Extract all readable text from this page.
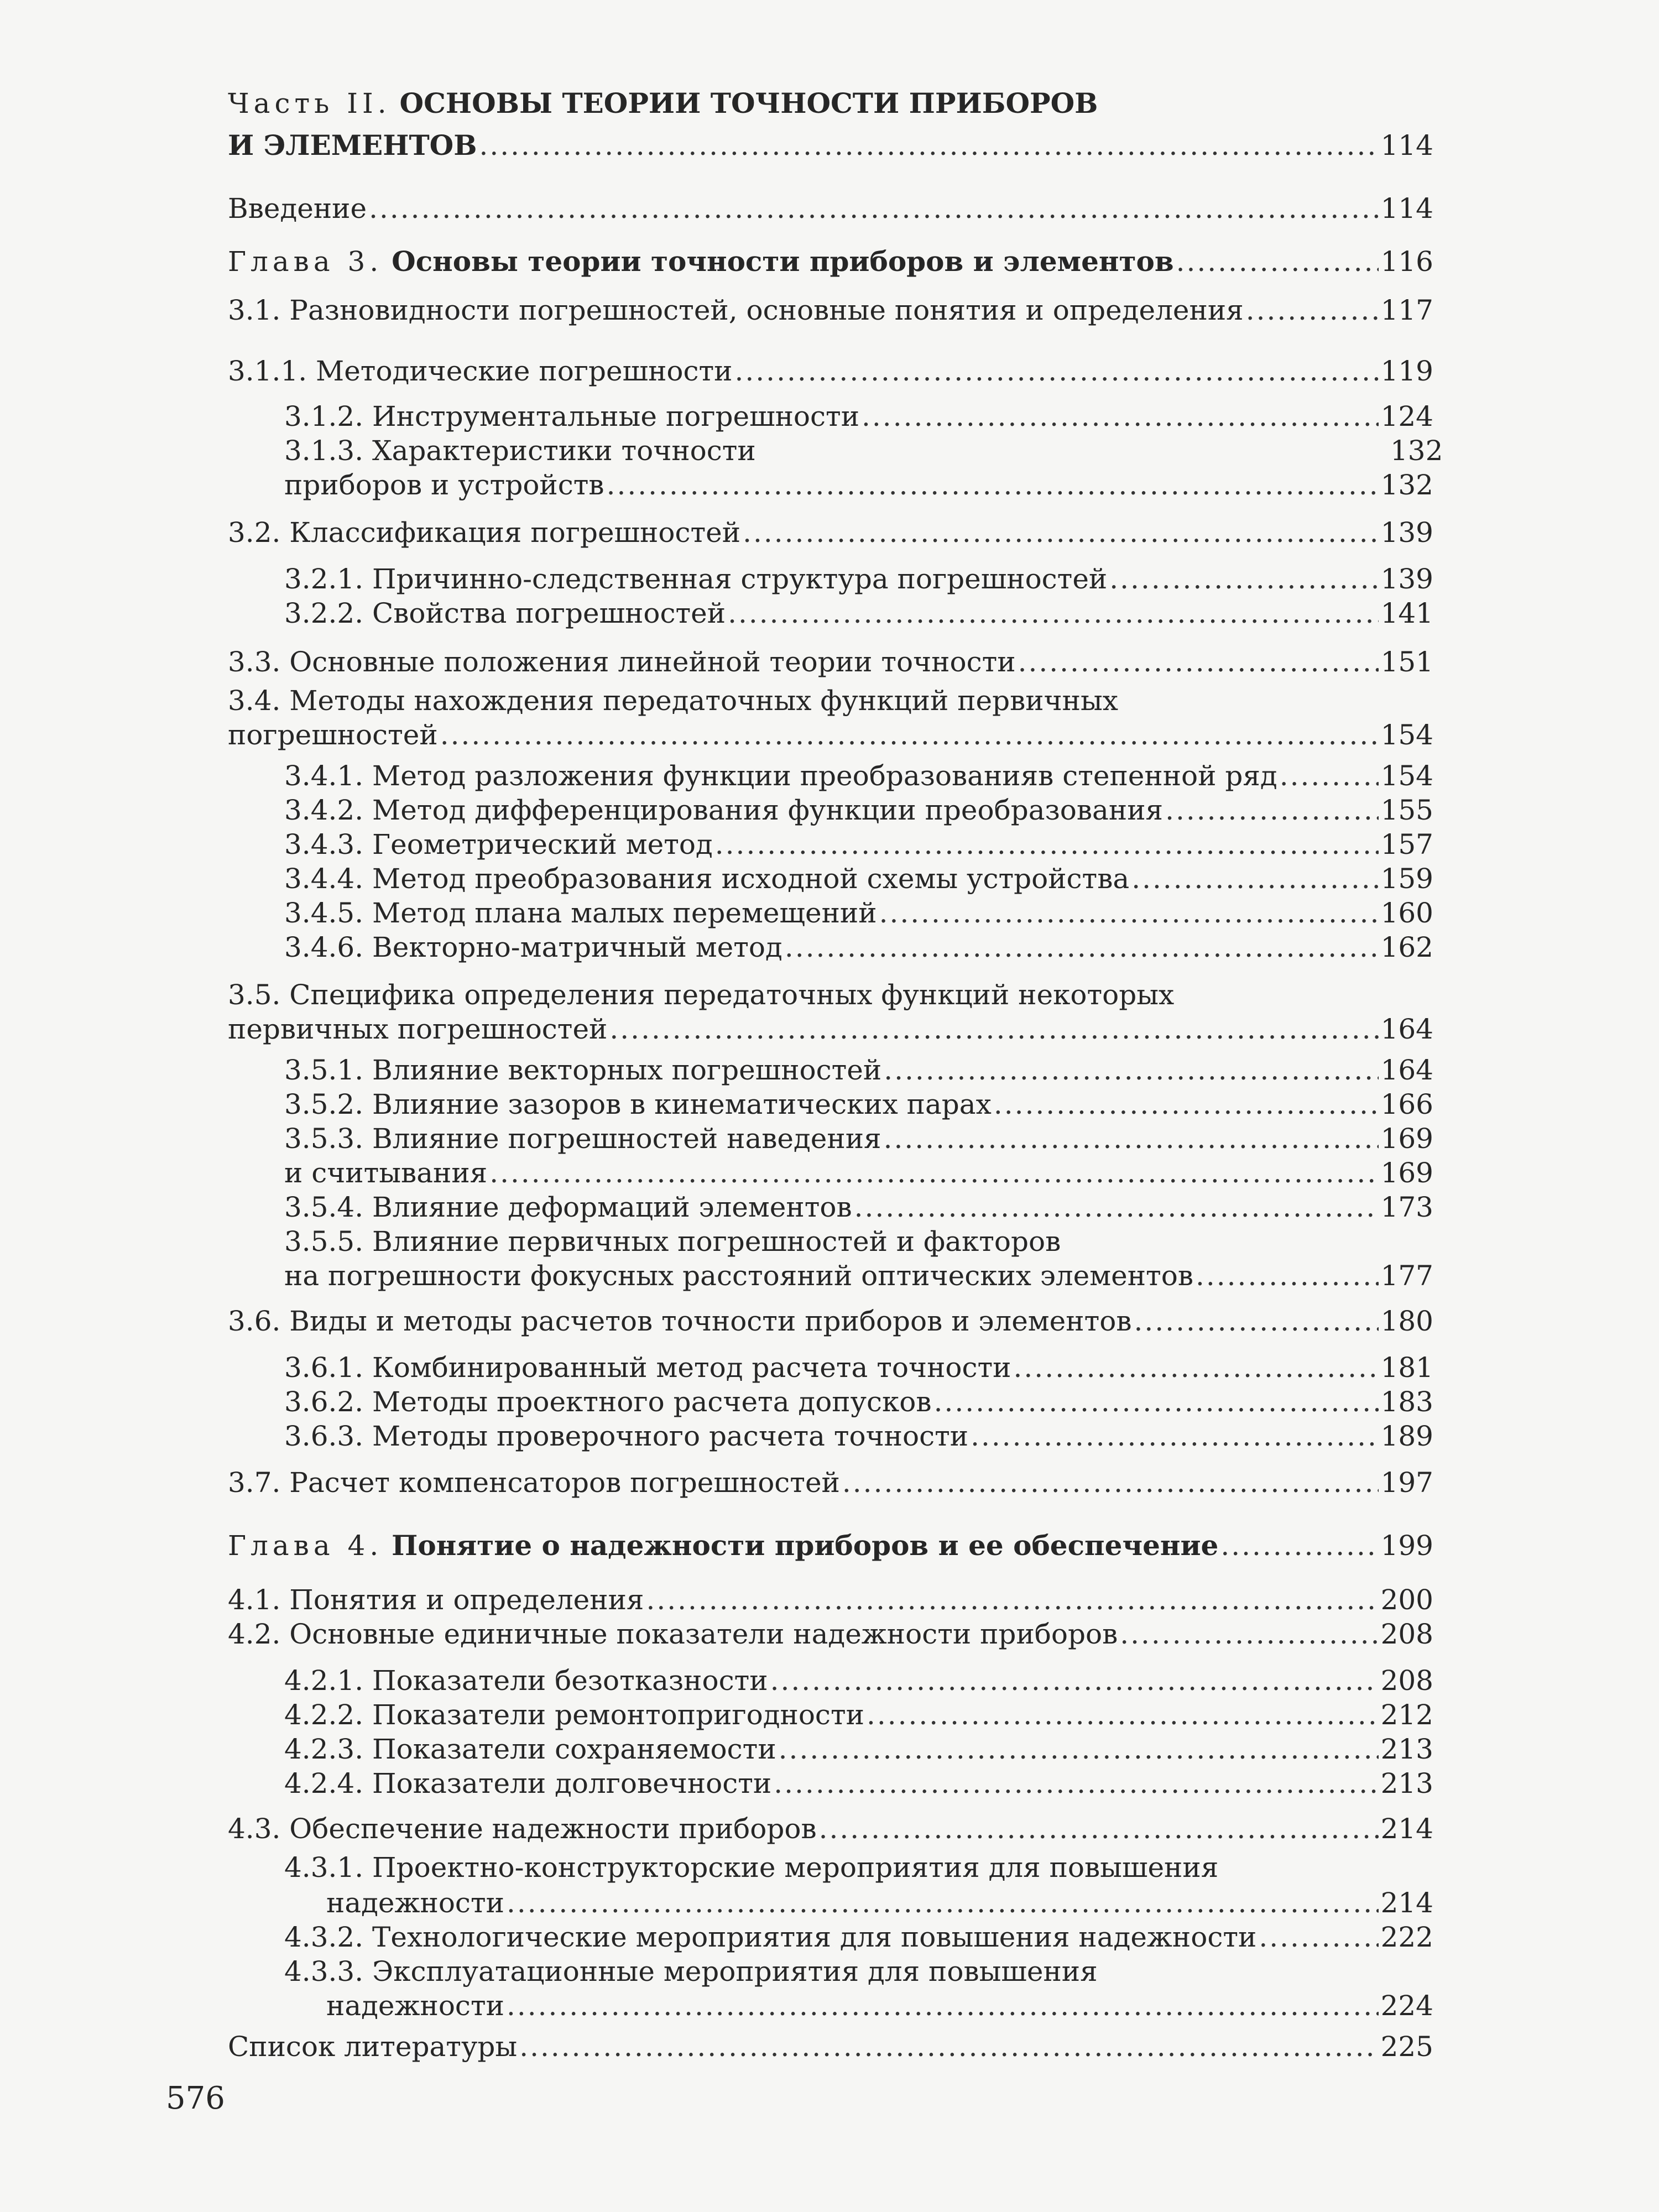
Часть II. ОСНОВЫ ТЕОРИИ ТОЧНОСТИ ПРИБОРОВ
И ЭЛЕМЕНТОВ .....	114
Введение .....	114
Глава 3. Основы теории точности приборов и элементов .....	116
3.1. Разновидности погрешностей, основные понятия и определения .....	117
3.1.1. Методические погрешности .....	119
3.1.2. Инструментальные погрешности .....	124
3.1.3. Характеристики точности	132
приборов и устройств .....	132
3.2. Классификация погрешностей .....	139
3.2.1. Причинно-следственная структура погрешностей .....	139
3.2.2. Свойства погрешностей .....	141
3.3. Основные положения линейной теории точности .....	151
3.4. Методы нахождения передаточных функций первичных
погрешностей .....	154
3.4.1. Метод разложения функции преобразованияв степенной ряд .....	154
3.4.2. Метод дифференцирования функции преобразования .....	155
3.4.3. Геометрический метод .....	157
3.4.4. Метод преобразования исходной схемы устройства .....	159
3.4.5. Метод плана малых перемещений .....	160
3.4.6. Векторно-матричный метод .....	162
3.5. Специфика определения передаточных функций некоторых
первичных погрешностей .....	164
3.5.1. Влияние векторных погрешностей .....	164
3.5.2. Влияние зазоров в кинематических парах .....	166
3.5.3. Влияние погрешностей наведения .....	169
и считывания .....	169
3.5.4. Влияние деформаций элементов .....	173
3.5.5. Влияние первичных погрешностей и факторов
на погрешности фокусных расстояний оптических элементов .....	177
3.6. Виды и методы расчетов точности приборов и элементов .....	180
3.6.1. Комбинированный метод расчета точности .....	181
3.6.2. Методы проектного расчета допусков .....	183
3.6.3. Методы проверочного расчета точности .....	189
3.7. Расчет компенсаторов погрешностей .....	197
Глава 4. Понятие о надежности приборов и ее обеспечение .....	199
4.1. Понятия и определения .....	200
4.2. Основные единичные показатели надежности приборов .....	208
4.2.1. Показатели безотказности .....	208
4.2.2. Показатели ремонтопригодности .....	212
4.2.3. Показатели сохраняемости .....	213
4.2.4. Показатели долговечности .....	213
4.3. Обеспечение надежности приборов .....	214
4.3.1. Проектно-конструкторские мероприятия для повышения
надежности .....	214
4.3.2. Технологические мероприятия для повышения надежности .....	222
4.3.3. Эксплуатационные мероприятия для повышения
надежности .....	224
Список литературы .....	225
576
